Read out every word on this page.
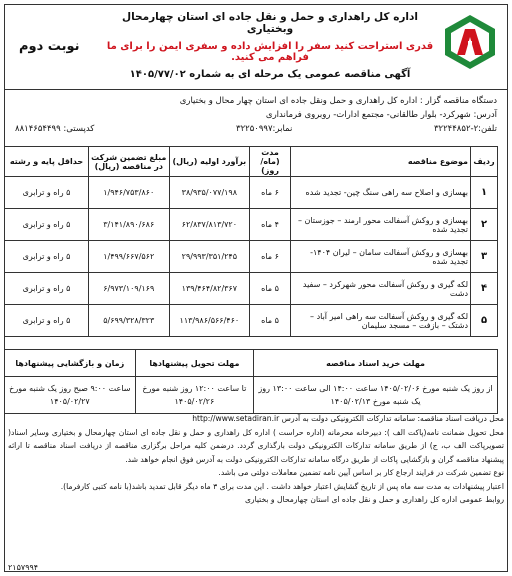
نوبت دوم
اداره کل راهداری و حمل و نقل جاده ای استان چهارمحال وبختیاری
قدری استراحت کنید سفر را افزایش داده و سفری ایمن را برای ما فراهم می کنید.
آگهی مناقصه عمومی یک مرحله ای به شماره ۱۴۰۵/۷۷/۰۲
دستگاه مناقصه گزار : اداره کل راهداری و حمل ونقل جاده ای استان چهار محال و بختیاری
آدرس: شهرکرد- بلوار طالقانی- مجتمع ادارات- روبروی فرمانداری
تلفن:۲-۳۲۲۴۴۸۵۲
نمابر:۳۲۲۵۰۹۹۷
کدپستی: ۸۸۱۴۶۵۴۴۹۹
ردیف	موضوع مناقصه	مدت (ماه/ روز)	برآورد اولیه (ریال)	مبلغ تضمین شرکت در مناقصه (ریال)	حداقل پایه و رشته
۱	بهسازی و اصلاح سه راهی سنگ چین- تجدید شده	۶ ماه	۳۸/۹۳۵/۰۷۷/۱۹۸	۱/۹۴۶/۷۵۳/۸۶۰	۵ راه و ترابری
۲	بهسازی و روکش آسفالت محور ارمند – جوزستان – تجدید شده	۴ ماه	۶۲/۸۳۷/۸۱۳/۷۲۰	۳/۱۴۱/۸۹۰/۶۸۶	۵ راه و ترابری
۳	بهسازی و روکش آسفالت سامان – لیران ۱۴۰۴- تجدید شده	۶ ماه	۲۹/۹۹۳/۳۵۱/۲۴۵	۱/۴۹۹/۶۶۷/۵۶۲	۵ راه و ترابری
۴	لکه گیری و روکش آسفالت محور شهرکرد – سفید دشت	۵ ماه	۱۳۹/۴۶۴/۸۲/۳۶۷	۶/۹۷۳/۱۰۹/۱۶۹	۵ راه و ترابری
۵	لکه گیری و روکش آسفالت سه راهی امیر آباد – دشتک – بازفت – مسجد سلیمان	۵ ماه	۱۱۳/۹۸۶/۵۶۶/۴۶۰	۵/۶۹۹/۳۲۸/۳۲۳	۵ راه و ترابری
مهلت خرید اسناد مناقصه	مهلت تحویل پیشنهادها	زمان و بازگشایی پیشنهادها
از روز یک شنبه مورخ ۱۴۰۵/۰۲/۰۶ ساعت ۱۴:۰۰ الی ساعت ۱۳:۰۰ روز یک شنبه مورخ ۱۴۰۵/۰۲/۱۳	تا ساعت ۱۲:۰۰ روز شنبه مورخ ۱۴۰۵/۰۲/۲۶	ساعت ۹:۰۰ صبح روز یک شنبه مورخ ۱۴۰۵/۰۲/۲۷

محل دریافت اسناد مناقصه: سامانه تدارکات الکترونیکی دولت به آدرس http://www.setadiran.ir

محل تحویل ضمانت نامه(پاکت الف ): دبیرخانه محرمانه (اداره حراست ) اداره کل راهداری و حمل و نقل جاده ای استان چهارمحال و بختیاری وسایر اسناد( تصویرپاکت الف ب، ج) از طریق سامانه تدارکات الکترونیکی دولت بارگذاری گردد. درضمن کلیه مراحل برگزاری مناقصه از دریافت اسناد مناقصه تا ارائه پیشنهاد مناقصه گران و بازگشایی پاکات از طریق درگاه سامانه تدارکات الکترونیکی دولت به آدرس فوق انجام خواهد شد.

نوع تضمین شرکت در فرایند ارجاع کار بر اساس آیین نامه تضمین معاملات دولتی می باشد.

اعتبار پیشنهادات به مدت سه ماه پس از تاریخ گشایش اعتبار خواهد داشت . این مدت برای ۳ ماه دیگر قابل تمدید باشد(با نامه کتبی کارفرما).

روابط عمومی اداره کل راهداری و حمل و نقل جاده ای استان چهارمحال و بختیاری

۲۱۵۷۹۹۴
